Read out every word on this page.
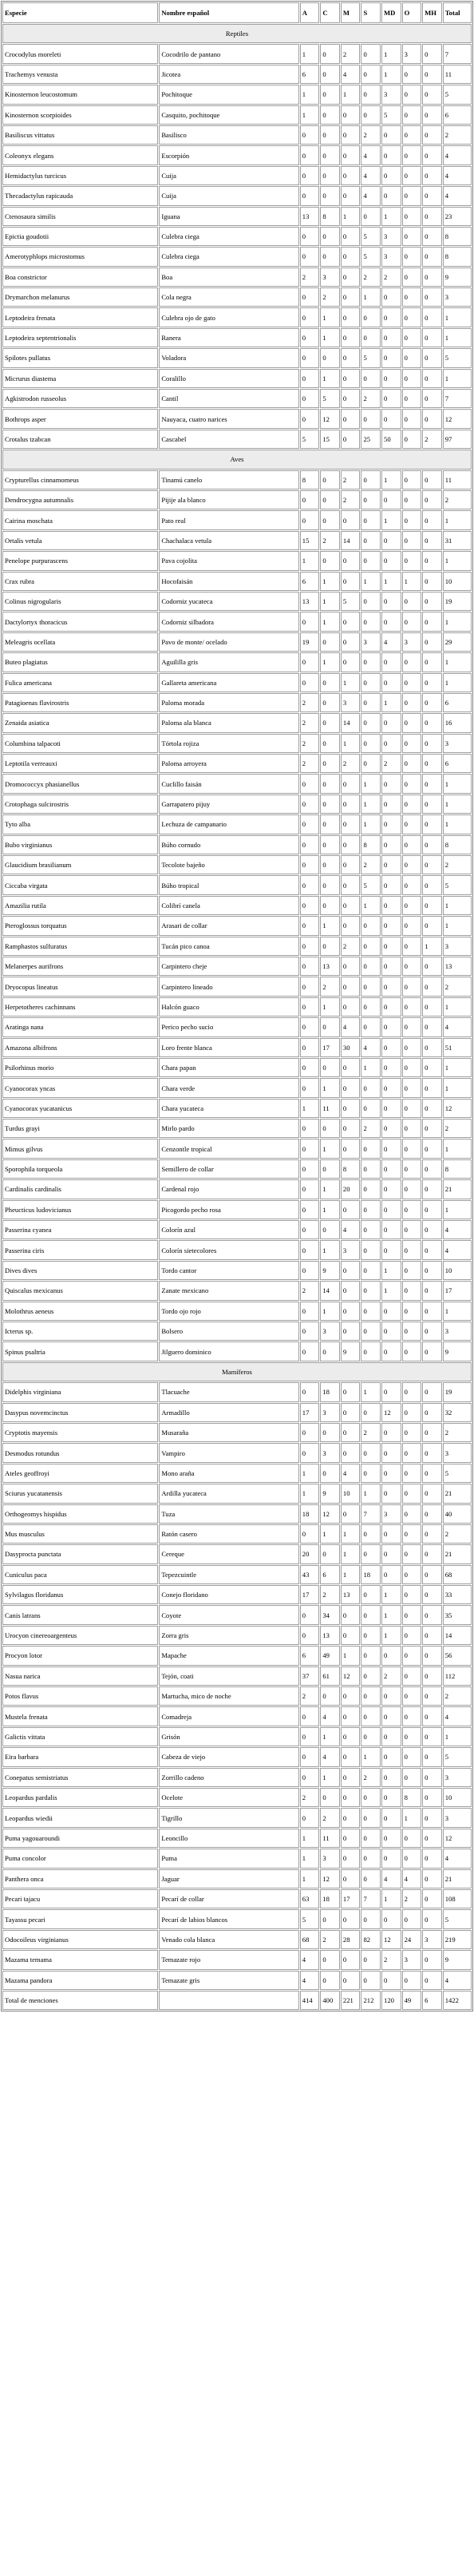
Especie	Nombre español	A	C	M	S	MD	O	MH	Total
Reptiles									
Crocodylus moreleti	Cocodrilo de pantano	1	0	2	0	1	3	0	7
Trachemys venusta	Jicotea	6	0	4	0	1	0	0	11
Kinosternon leucostomum	Pochitoque	1	0	1	0	3	0	0	5
Kinosternon scorpioides	Casquito, pochitoque	1	0	0	0	5	0	0	6
Basiliscus vittatus	Basilisco	0	0	0	2	0	0	0	2
Coleonyx elegans	Escorpión	0	0	0	4	0	0	0	4
Hemidactylus turcicus	Cuija	0	0	0	4	0	0	0	4
Thecadactylus rapicauda	Cuija	0	0	0	4	0	0	0	4
Ctenosaura similis	Iguana	13	8	1	0	1	0	0	23
Epictia goudotii	Culebra ciega	0	0	0	5	3	0	0	8
Amerotyphlops microstomus	Culebra ciega	0	0	0	5	3	0	0	8
Boa constrictor	Boa	2	3	0	2	2	0	0	9
Drymarchon melanurus	Cola negra	0	2	0	1	0	0	0	3
Leptodeira frenata	Culebra ojo de gato	0	1	0	0	0	0	0	1
Leptodeira septentrionalis	Ranera	0	1	0	0	0	0	0	1
Spilotes pullatus	Voladora	0	0	0	5	0	0	0	5
Micrurus diastema	Coralillo	0	1	0	0	0	0	0	1
Agkistrodon russeolus	Cantil	0	5	0	2	0	0	0	7
Bothrops asper	Nauyaca, cuatro narices	0	12	0	0	0	0	0	12
Crotalus tzabcan	Cascabel	5	15	0	25	50	0	2	97
Aves									
Crypturellus cinnamomeus	Tinamú canelo	8	0	2	0	1	0	0	11
Dendrocygna autumnalis	Pijije ala blanco	0	0	2	0	0	0	0	2
Cairina moschata	Pato real	0	0	0	0	1	0	0	1
Ortalis vetula	Chachalaca vetula	15	2	14	0	0	0	0	31
Penelope purpurascens	Pava cojolita	1	0	0	0	0	0	0	1
Crax rubra	Hocofaisán	6	1	0	1	1	1	0	10
Colinus nigrogularis	Codorniz yucateca	13	1	5	0	0	0	0	19
Dactylortyx thoracicus	Codorniz silbadora	0	1	0	0	0	0	0	1
Meleagris ocellata	Pavo de monte/ ocelado	19	0	0	3	4	3	0	29
Buteo plagiatus	Aguililla gris	0	1	0	0	0	0	0	1
Fulica americana	Gallareta americana	0	0	1	0	0	0	0	1
Patagioenas flavirostris	Paloma morada	2	0	3	0	1	0	0	6
Zenaida asiatica	Paloma ala blanca	2	0	14	0	0	0	0	16
Columbina talpacoti	Tórtola rojiza	2	0	1	0	0	0	0	3
Leptotila verreauxi	Paloma arroyera	2	0	2	0	2	0	0	6
Dromococcyx phasianellus	Cuclillo faisán	0	0	0	1	0	0	0	1
Crotophaga sulcirostris	Garrapatero pijuy	0	0	0	1	0	0	0	1
Tyto alba	Lechuza de campanario	0	0	0	1	0	0	0	1
Bubo virginianus	Búho cornudo	0	0	0	8	0	0	0	8
Glaucidium brasilianum	Tecolote bajeño	0	0	0	2	0	0	0	2
Ciccaba virgata	Búho tropical	0	0	0	5	0	0	0	5
Amazilia rutila	Colibrí canela	0	0	0	1	0	0	0	1
Pteroglossus torquatus	Arasari de collar	0	1	0	0	0	0	0	1
Ramphastos sulfuratus	Tucán pico canoa	0	0	2	0	0	0	1	3
Melanerpes aurifrons	Carpintero cheje	0	13	0	0	0	0	0	13
Dryocopus lineatus	Carpintero lineado	0	2	0	0	0	0	0	2
Herpetotheres cachinnans	Halcón guaco	0	1	0	0	0	0	0	1
Aratinga nana	Perico pecho sucio	0	0	4	0	0	0	0	4
Amazona albifrons	Loro frente blanca	0	17	30	4	0	0	0	51
Psilorhinus morio	Chara papan	0	0	0	1	0	0	0	1
Cyanocorax yncas	Chara verde	0	1	0	0	0	0	0	1
Cyanocorax yucatanicus	Chara yucateca	1	11	0	0	0	0	0	12
Turdus grayi	Mirlo pardo	0	0	0	2	0	0	0	2
Mimus gilvus	Cenzontle tropical	0	1	0	0	0	0	0	1
Sporophila torqueola	Semillero de collar	0	0	8	0	0	0	0	8
Cardinalis cardinalis	Cardenal rojo	0	1	20	0	0	0	0	21
Pheucticus ludovicianus	Picogordo pecho rosa	0	1	0	0	0	0	0	1
Passerina cyanea	Colorín azul	0	0	4	0	0	0	0	4
Passerina ciris	Colorín sietecolores	0	1	3	0	0	0	0	4
Dives dives	Tordo cantor	0	9	0	0	1	0	0	10
Quiscalus mexicanus	Zanate mexicano	2	14	0	0	1	0	0	17
Molothrus aeneus	Tordo ojo rojo	0	1	0	0	0	0	0	1
Icterus sp.	Bolsero	0	3	0	0	0	0	0	3
Spinus psaltria	Jilguero dominico	0	0	9	0	0	0	0	9
Mamíferos									
Didelphis virginiana	Tlacuache	0	18	0	1	0	0	0	19
Dasypus novemcinctus	Armadillo	17	3	0	0	12	0	0	32
Cryptotis mayensis	Musaraña	0	0	0	2	0	0	0	2
Desmodus rotundus	Vampiro	0	3	0	0	0	0	0	3
Ateles geoffroyi	Mono araña	1	0	4	0	0	0	0	5
Sciurus yucatanensis	Ardilla yucateca	1	9	10	1	0	0	0	21
Orthogeomys hispidus	Tuza	18	12	0	7	3	0	0	40
Mus musculus	Ratón casero	0	1	1	0	0	0	0	2
Dasyprocta punctata	Cereque	20	0	1	0	0	0	0	21
Cuniculus paca	Tepezcuintle	43	6	1	18	0	0	0	68
Sylvilagus floridanus	Conejo floridano	17	2	13	0	1	0	0	33
Canis latrans	Coyote	0	34	0	0	1	0	0	35
Urocyon cinereoargenteus	Zorra gris	0	13	0	0	1	0	0	14
Procyon lotor	Mapache	6	49	1	0	0	0	0	56
Nasua narica	Tejón, coati	37	61	12	0	2	0	0	112
Potos flavus	Martucha, mico de noche	2	0	0	0	0	0	0	2
Mustela frenata	Comadreja	0	4	0	0	0	0	0	4
Galictis vittata	Grisón	0	1	0	0	0	0	0	1
Eira barbara	Cabeza de viejo	0	4	0	1	0	0	0	5
Conepatus semistriatus	Zorrillo cadeno	0	1	0	2	0	0	0	3
Leopardus pardalis	Ocelote	2	0	0	0	0	8	0	10
Leopardus wiedii	Tigrillo	0	2	0	0	0	1	0	3
Puma yagouaroundi	Leoncillo	1	11	0	0	0	0	0	12
Puma concolor	Puma	1	3	0	0	0	0	0	4
Panthera onca	Jaguar	1	12	0	0	4	4	0	21
Pecari tajacu	Pecarí de collar	63	18	17	7	1	2	0	108
Tayassu pecari	Pecarí de labios blancos	5	0	0	0	0	0	0	5
Odocoileus virginianus	Venado cola blanca	68	2	28	82	12	24	3	219
Mazama temama	Temazate rojo	4	0	0	0	2	3	0	9
Mazama pandora	Temazate gris	4	0	0	0	0	0	0	4
Total de menciones		414	400	221	212	120	49	6	1422
